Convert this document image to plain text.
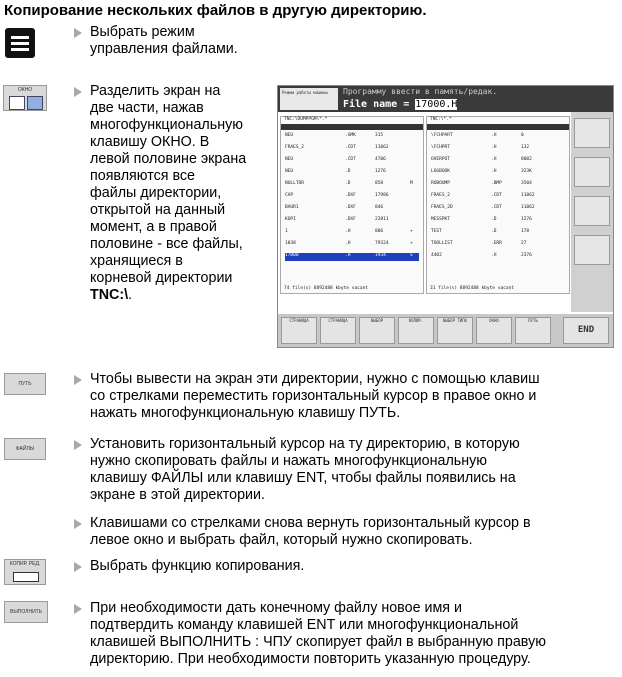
Копирование нескольких файлов в другую директорию.
Выбрать режим
управления файлами.
ОКНО	Разделить экран на
две части, нажав
многофункциональную
клавишу ОКНО. В
левой половине экрана
появляются все
файлы директории,
открытой на данный
момент, а в правой
половине - все файлы,
хранящиеся в
корневой директории
TNC:\.
Режим работы машины	Программу ввести в память/редак.
File name = 17000.H
TNC:\DUMPPGM\*.*
NEU	.GMK	315
FRAES_2	.CDT	11062
NEU	.CDT	4706
NEU	.D	1276
NULLTOR	.D	858	M
CAP	.DXF	17986
BAUR1	.DXF	846
KOPI	.DXF	22811
1	.H	806	+
1038	.H	79324	+
17000	.H	1934	S
74 file(s) 8892488 kbyte vacant
TNC:\*.*
\FCHPART	.H	0
\FCHPRT	.H	132
OVERPOT	.H	8002
LOGBOOK	.H	323K
ROBOUMP	.BMP	3504
FRAES_2	.CDT	11062
FRAES_2D	.CDT	11062
MESSPKT	.D	1276
TEST	.D	178
TOOLLIST	.ERR	27
4402	.H	2376
31 file(s) 8892488 kbyte vacant
СТРАНИЦА	СТРАНИЦА	ВЫБОР	КОПИР.	ВЫБОР ТИПА	ОКНО	ПУТЬ
END
ПУТЬ	Чтобы вывести на экран эти директории, нужно с помощью клавиш
со стрелками переместить горизонтальный курсор в правое окно и
нажать многофункциональную клавишу ПУТЬ.
ФАЙЛЫ	Установить горизонтальный курсор на ту директорию, в которую
нужно скопировать файлы и нажать многофункциональную
клавишу ФАЙЛЫ или клавишу ENT, чтобы файлы появились на
экране в этой директории.
Клавишами со стрелками снова вернуть горизонтальный курсор в
левое окно и выбрать файл, который нужно скопировать.
КОПИР. РЕД.	Выбрать функцию копирования.
ВЫПОЛНИТЬ	При необходимости дать конечному файлу новое имя и
подтвердить команду клавишей ENT или многофункциональной
клавишей ВЫПОЛНИТЬ : ЧПУ скопирует файл в выбранную правую
директорию. При необходимости повторить указанную процедуру.
